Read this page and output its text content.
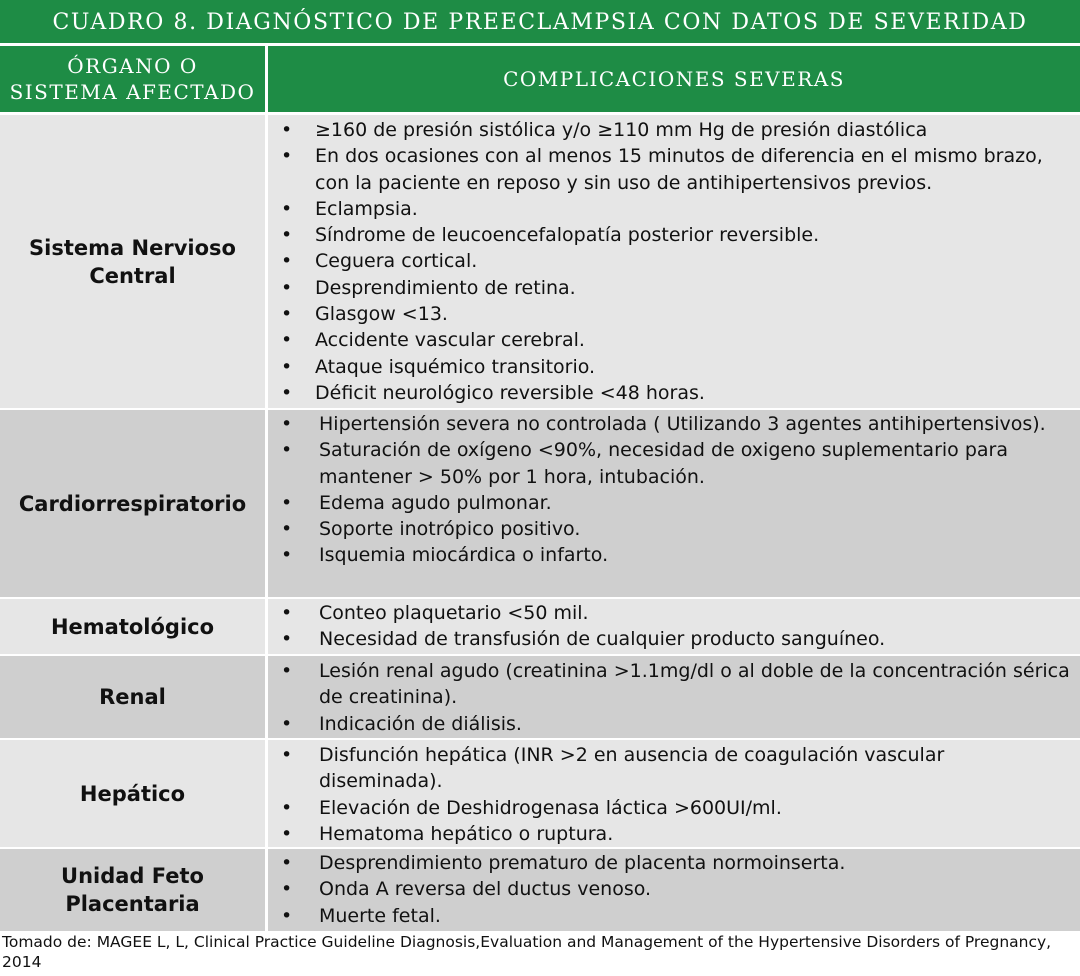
CUADRO 8. DIAGNÓSTICO DE PREECLAMPSIA CON DATOS DE SEVERIDAD
ÓRGANO O
SISTEMA AFECTADO
COMPLICACIONES SEVERAS
Sistema Nervioso
Central
• ≥160 de presión sistólica y/o ≥110 mm Hg de presión diastólica
• En dos ocasiones con al menos 15 minutos de diferencia en el mismo brazo, con la paciente en reposo y sin uso de antihipertensivos previos.
• Eclampsia.
• Síndrome de leucoencefalopatía posterior reversible.
• Ceguera cortical.
• Desprendimiento de retina.
• Glasgow <13.
• Accidente vascular cerebral.
• Ataque isquémico transitorio.
• Déficit neurológico reversible <48 horas.
Cardiorrespiratorio
• Hipertensión severa no controlada ( Utilizando 3 agentes antihipertensivos).
• Saturación de oxígeno <90%, necesidad de oxigeno suplementario para mantener > 50% por 1 hora, intubación.
• Edema agudo pulmonar.
• Soporte inotrópico positivo.
• Isquemia miocárdica o infarto.
Hematológico
• Conteo plaquetario <50 mil.
• Necesidad de transfusión de cualquier producto sanguíneo.
Renal
• Lesión renal agudo (creatinina >1.1mg/dl o al doble de la concentración sérica de creatinina).
• Indicación de diálisis.
Hepático
• Disfunción hepática (INR >2 en ausencia de coagulación vascular diseminada).
• Elevación de Deshidrogenasa láctica >600UI/ml.
• Hematoma hepático o ruptura.
Unidad Feto
Placentaria
• Desprendimiento prematuro de placenta normoinserta.
• Onda A reversa del ductus venoso.
• Muerte fetal.
Tomado de: MAGEE L, L, Clinical Practice Guideline Diagnosis,Evaluation and Management of the Hypertensive Disorders of Pregnancy, 2014
